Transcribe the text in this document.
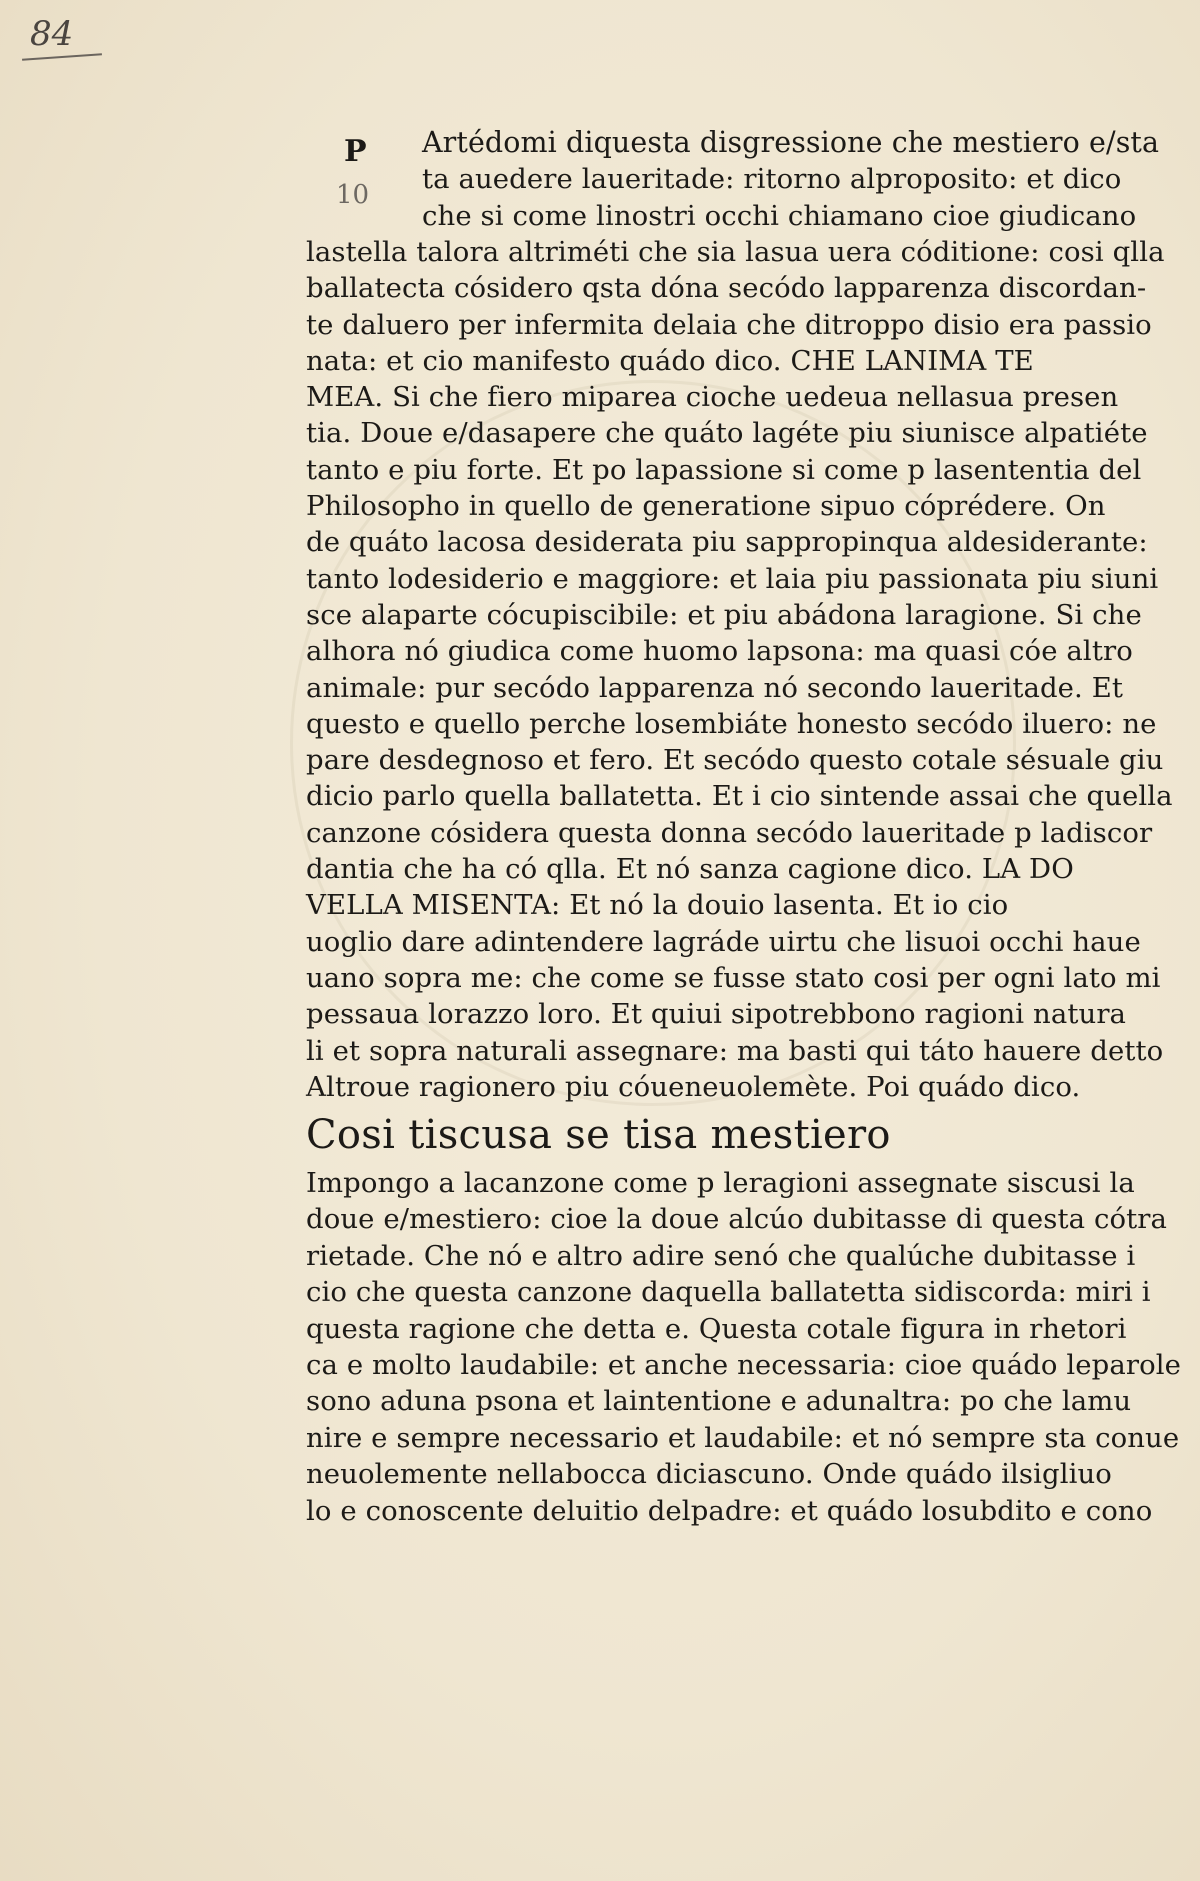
84
P
10
Artédomi diquesta disgressione che mestiero e/sta
ta auedere laueritade: ritorno alproposito: et dico
che si come linostri occhi chiamano cioe giudicano
lastella talora altriméti che sia lasua uera códitione: cosi qlla
ballatecta cósidero qsta dóna secódo lapparenza discordan-
te daluero per infermita delaia che ditroppo disio era passio
nata: et cio manifesto quádo dico. CHE LANIMA TE
MEA. Si che fiero miparea cioche uedeua nellasua presen
tia. Doue e/dasapere che quáto lagéte piu siunisce alpatiéte
tanto e piu forte. Et po lapassione si come p lasententia del
Philosopho in quello de generatione sipuo cóprédere. On
de quáto lacosa desiderata piu sappropinqua aldesiderante:
tanto lodesiderio e maggiore: et laia piu passionata piu siuni
sce alaparte cócupiscibile: et piu abádona laragione. Si che
alhora nó giudica come huomo lapsona: ma quasi cóe altro
animale: pur secódo lapparenza nó secondo laueritade. Et
questo e quello perche losembiáte honesto secódo iluero: ne
pare desdegnoso et fero. Et secódo questo cotale sésuale giu
dicio parlo quella ballatetta. Et i cio sintende assai che quella
canzone cósidera questa donna secódo laueritade p ladiscor
dantia che ha có qlla. Et nó sanza cagione dico. LA DO
VELLA MISENTA: Et nó la douio lasenta. Et io cio
uoglio dare adintendere lagráde uirtu che lisuoi occhi haue
uano sopra me: che come se fusse stato cosi per ogni lato mi
pessaua lorazzo loro. Et quiui sipotrebbono ragioni natura
li et sopra naturali assegnare: ma basti qui táto hauere detto
Altroue ragionero piu cóueneuolemète. Poi quádo dico.
Cosi tiscusa se tisa mestiero
Impongo a lacanzone come p leragioni assegnate siscusi la
doue e/mestiero: cioe la doue alcúo dubitasse di questa cótra
rietade. Che nó e altro adire senó che qualúche dubitasse i
cio che questa canzone daquella ballatetta sidiscorda: miri i
questa ragione che detta e. Questa cotale figura in rhetori
ca e molto laudabile: et anche necessaria: cioe quádo leparole
sono aduna psona et laintentione e adunaltra: po che lamu
nire e sempre necessario et laudabile: et nó sempre sta conue
neuolemente nellabocca diciascuno. Onde quádo ilsigliuo
lo e conoscente deluitio delpadre: et quádo losubdito e cono
